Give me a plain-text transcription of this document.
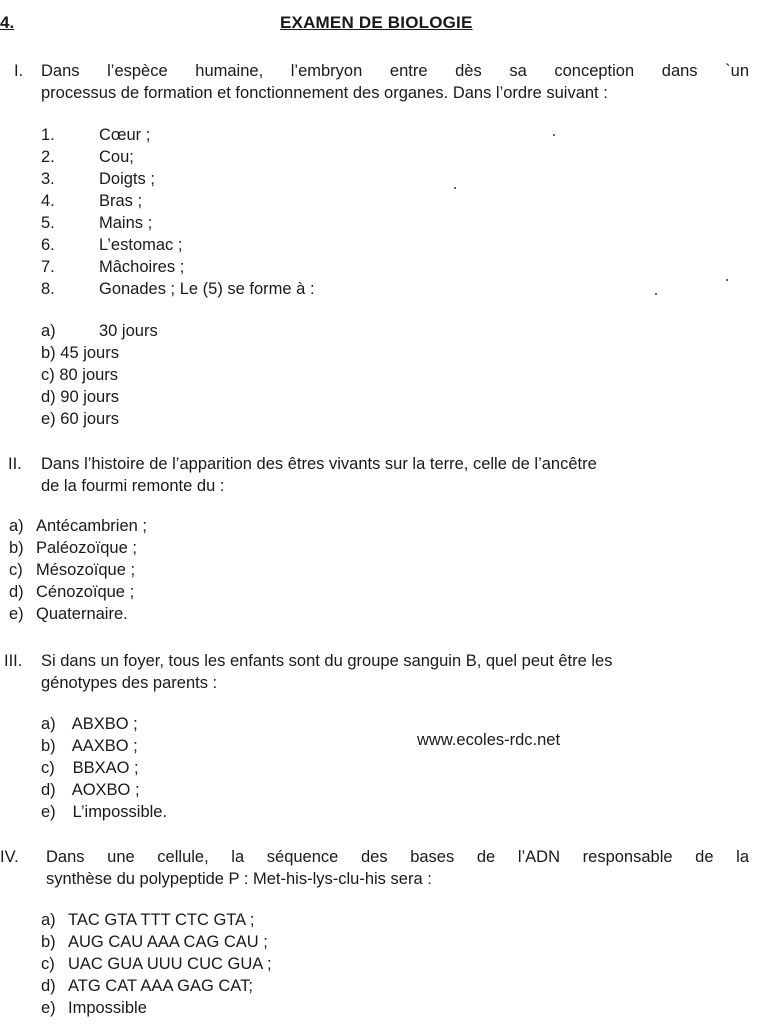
4.	EXAMEN DE BIOLOGIE
I. Dans l’espèce humaine, l’embryon entre dès sa conception dans `un
processus de formation et fonctionnement des organes. Dans l’ordre suivant :
1.	Cœur ;
2.	Cou;
3.	Doigts ;
4.	Bras ;
5.	Mains ;
6.	L’estomac ;
7.	Mâchoires ;
8.	Gonades ; Le (5) se forme à :
a)	30 jours
b) 45 jours
c) 80 jours
d) 90 jours
e) 60 jours
II. Dans l’histoire de l’apparition des êtres vivants sur la terre, celle de l’ancêtre
de la fourmi remonte du :
a) Antécambrien ;
b) Paléozoïque ;
c) Mésozoïque ;
d) Cénozoïque ;
e) Quaternaire.
III. Si dans un foyer, tous les enfants sont du groupe sanguin B, quel peut être les
génotypes des parents :
a) ABXBO ;
b) AAXBO ;
c) BBXAO ;
d) AOXBO ;
e) L’impossible.
www.ecoles-rdc.net
IV. Dans une cellule, la séquence des bases de l’ADN responsable de la
synthèse du polypeptide P : Met-his-lys-clu-his sera :
a) TAC GTA TTT CTC GTA ;
b) AUG CAU AAA CAG CAU ;
c) UAC GUA UUU CUC GUA ;
d) ATG CAT AAA GAG CAT;
e) Impossible
